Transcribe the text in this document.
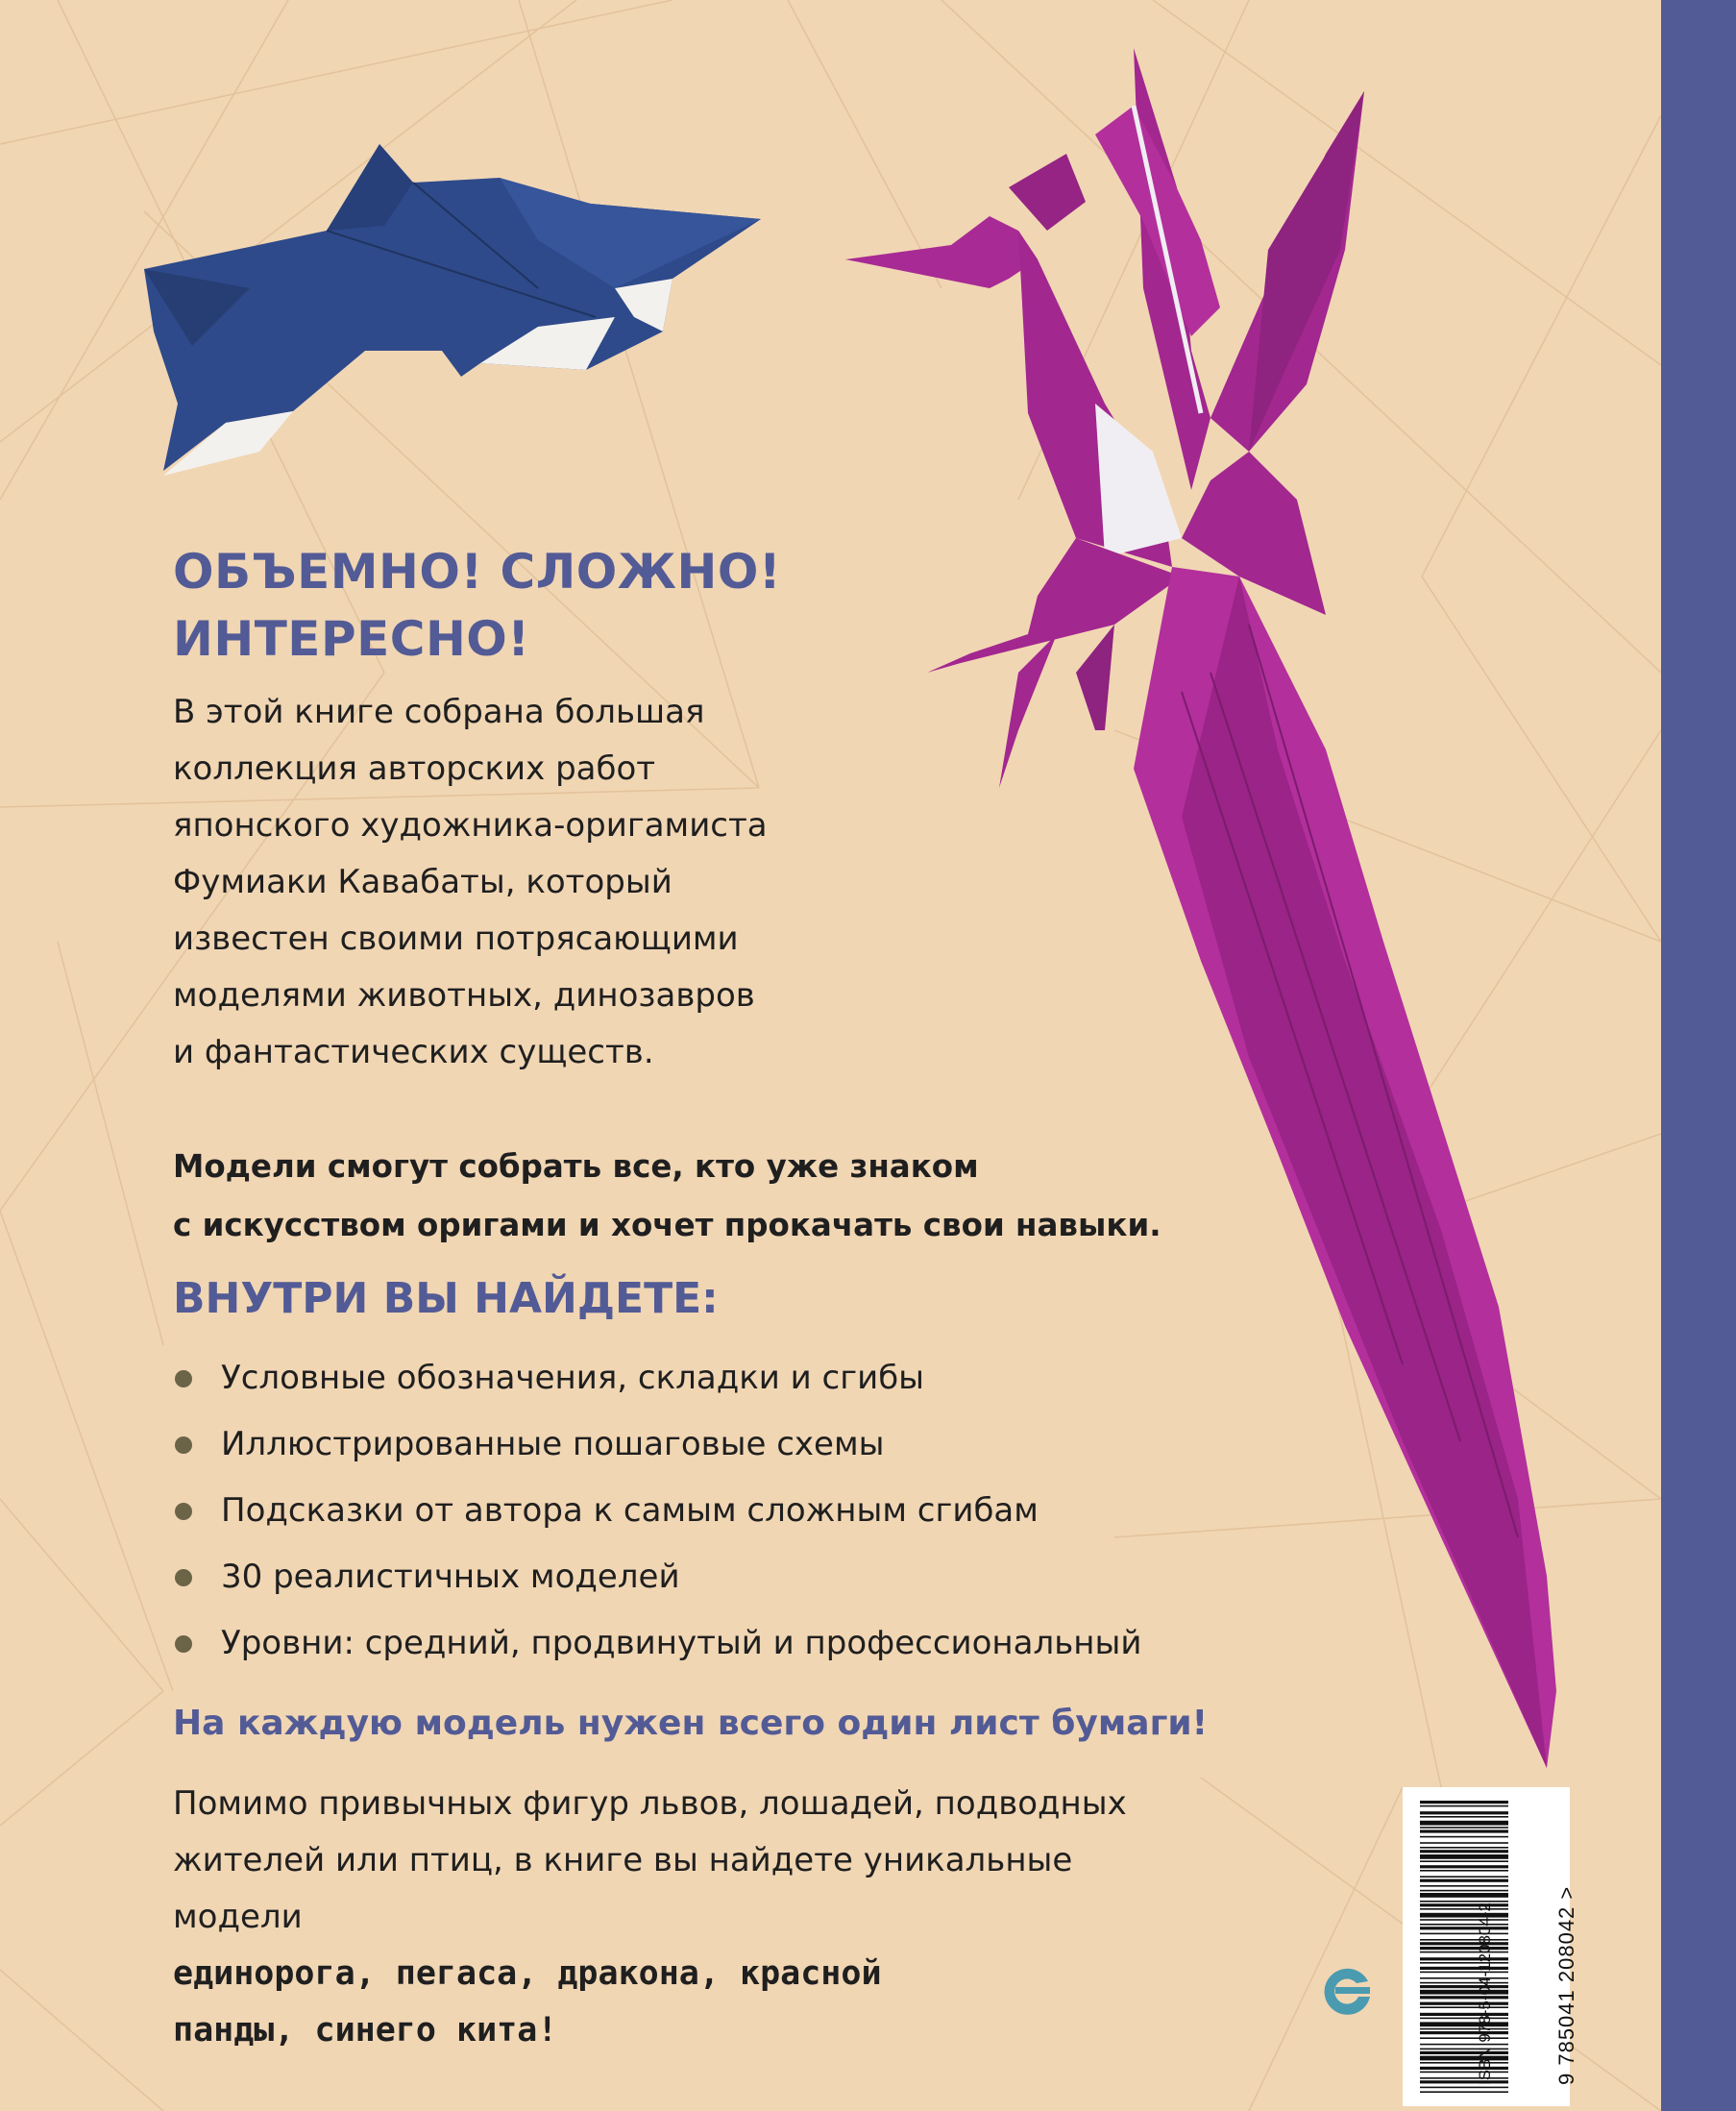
ОБЪЕМНО! СЛОЖНО!
ИНТЕРЕСНО!

В этой книге собрана большая
коллекция авторских работ
японского художника-оригамиста
Фумиаки Кавабаты, который
известен своими потрясающими
моделями животных, динозавров
и фантастических существ.

Модели смогут собрать все, кто уже знаком
с искусством оригами и хочет прокачать свои навыки.

ВНУТРИ ВЫ НАЙДЕТЕ:
Условные обозначения, складки и сгибы
Иллюстрированные пошаговые схемы
Подсказки от автора к самым сложным сгибам
30 реалистичных моделей
Уровни: средний, продвинутый и профессиональный

На каждую модель нужен всего один лист бумаги!

Помимо привычных фигур львов, лошадей, подводных
жителей или птиц, в книге вы найдете уникальные
модели
единорога, пегаса, дракона, красной
панды, синего кита!	ISBN 978-5-04-120804-2	9 785041 208042 >
